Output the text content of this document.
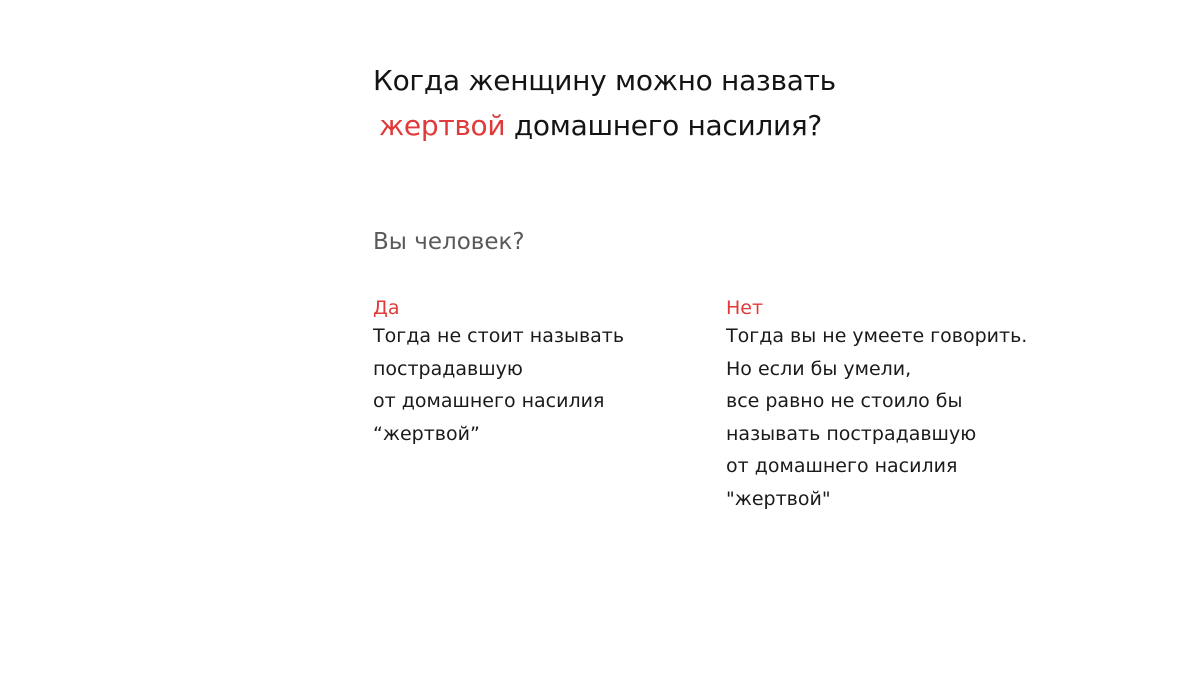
Когда женщину можно назвать
жертвой домашнего насилия?
Вы человек?
Да
Тогда не стоит называть
пострадавшую
от домашнего насилия
“жертвой”
Нет
Тогда вы не умеете говорить.
Но если бы умели,
все равно не стоило бы
называть пострадавшую
от домашнего насилия
"жертвой"
